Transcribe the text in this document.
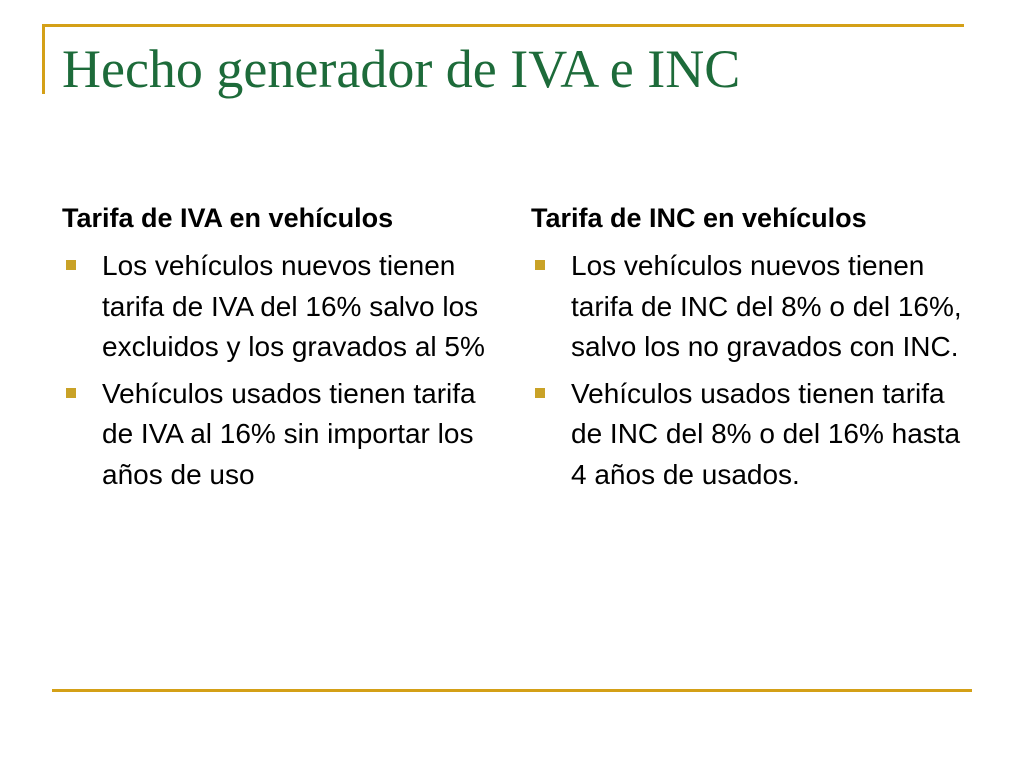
Hecho generador de IVA e INC
Tarifa de IVA en vehículos
Los vehículos nuevos tienen tarifa de IVA del 16% salvo los excluidos y los gravados al 5%
Vehículos usados tienen tarifa de IVA al 16% sin importar los años de uso
Tarifa de INC en vehículos
Los vehículos nuevos tienen tarifa de INC del 8% o del 16%, salvo los no gravados con INC.
Vehículos usados tienen tarifa de INC del 8% o del 16% hasta 4 años de usados.
